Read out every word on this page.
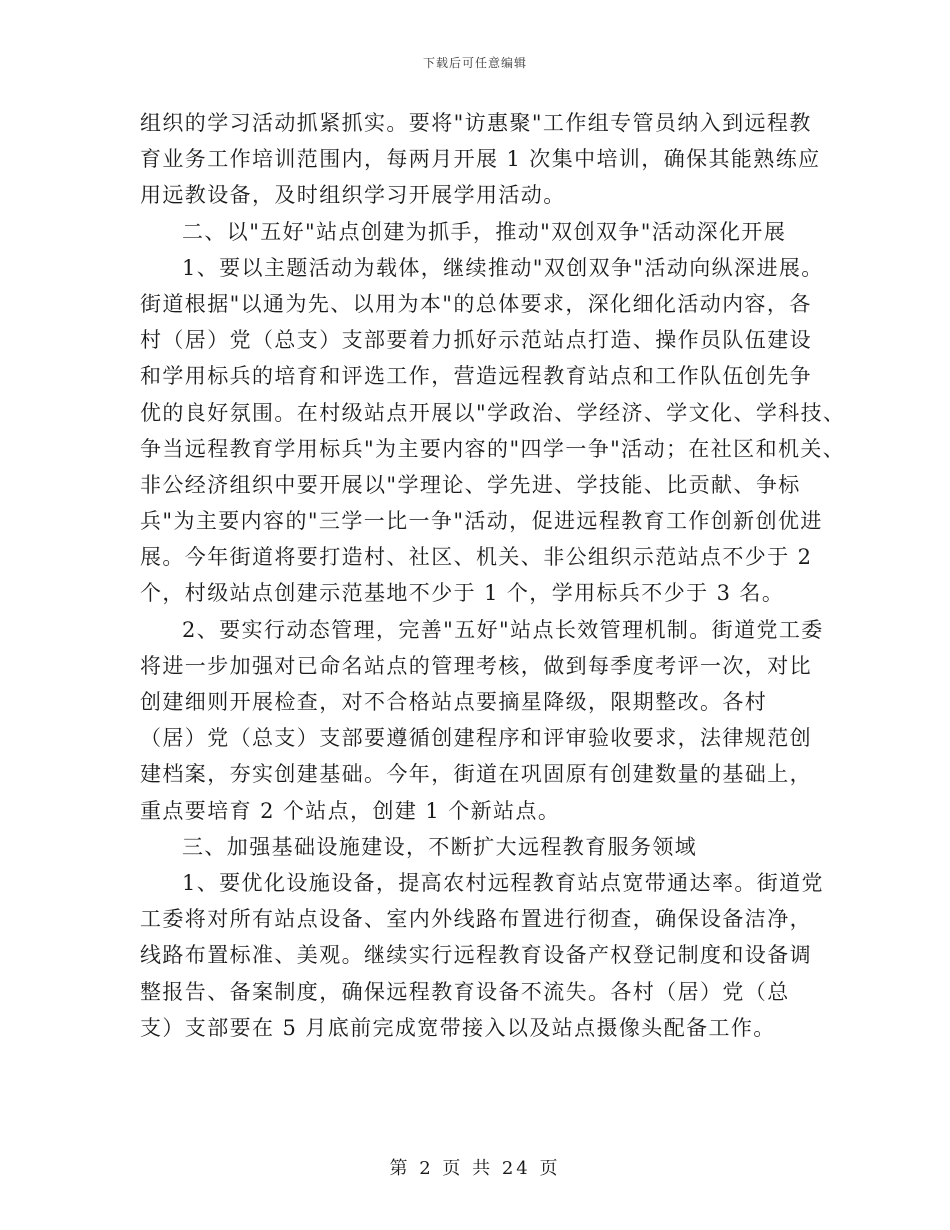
下载后可任意编辑
组织的学习活动抓紧抓实。要将"访惠聚"工作组专管员纳入到远程教
育业务工作培训范围内，每两月开展 1 次集中培训，确保其能熟练应
用远教设备，及时组织学习开展学用活动。
二、以"五好"站点创建为抓手，推动"双创双争"活动深化开展
1、要以主题活动为载体，继续推动"双创双争"活动向纵深进展。
街道根据"以通为先、以用为本"的总体要求，深化细化活动内容，各
村（居）党（总支）支部要着力抓好示范站点打造、操作员队伍建设
和学用标兵的培育和评选工作，营造远程教育站点和工作队伍创先争
优的良好氛围。在村级站点开展以"学政治、学经济、学文化、学科技、
争当远程教育学用标兵"为主要内容的"四学一争"活动；在社区和机关、
非公经济组织中要开展以"学理论、学先进、学技能、比贡献、争标
兵"为主要内容的"三学一比一争"活动，促进远程教育工作创新创优进
展。今年街道将要打造村、社区、机关、非公组织示范站点不少于 2
个，村级站点创建示范基地不少于 1 个，学用标兵不少于 3 名。
2、要实行动态管理，完善"五好"站点长效管理机制。街道党工委
将进一步加强对已命名站点的管理考核，做到每季度考评一次，对比
创建细则开展检查，对不合格站点要摘星降级，限期整改。各村
（居）党（总支）支部要遵循创建程序和评审验收要求，法律规范创
建档案，夯实创建基础。今年，街道在巩固原有创建数量的基础上，
重点要培育 2 个站点，创建 1 个新站点。
三、加强基础设施建设，不断扩大远程教育服务领域
1、要优化设施设备，提高农村远程教育站点宽带通达率。街道党
工委将对所有站点设备、室内外线路布置进行彻查，确保设备洁净，
线路布置标准、美观。继续实行远程教育设备产权登记制度和设备调
整报告、备案制度，确保远程教育设备不流失。各村（居）党（总
支）支部要在 5 月底前完成宽带接入以及站点摄像头配备工作。
第 2 页 共 24 页
